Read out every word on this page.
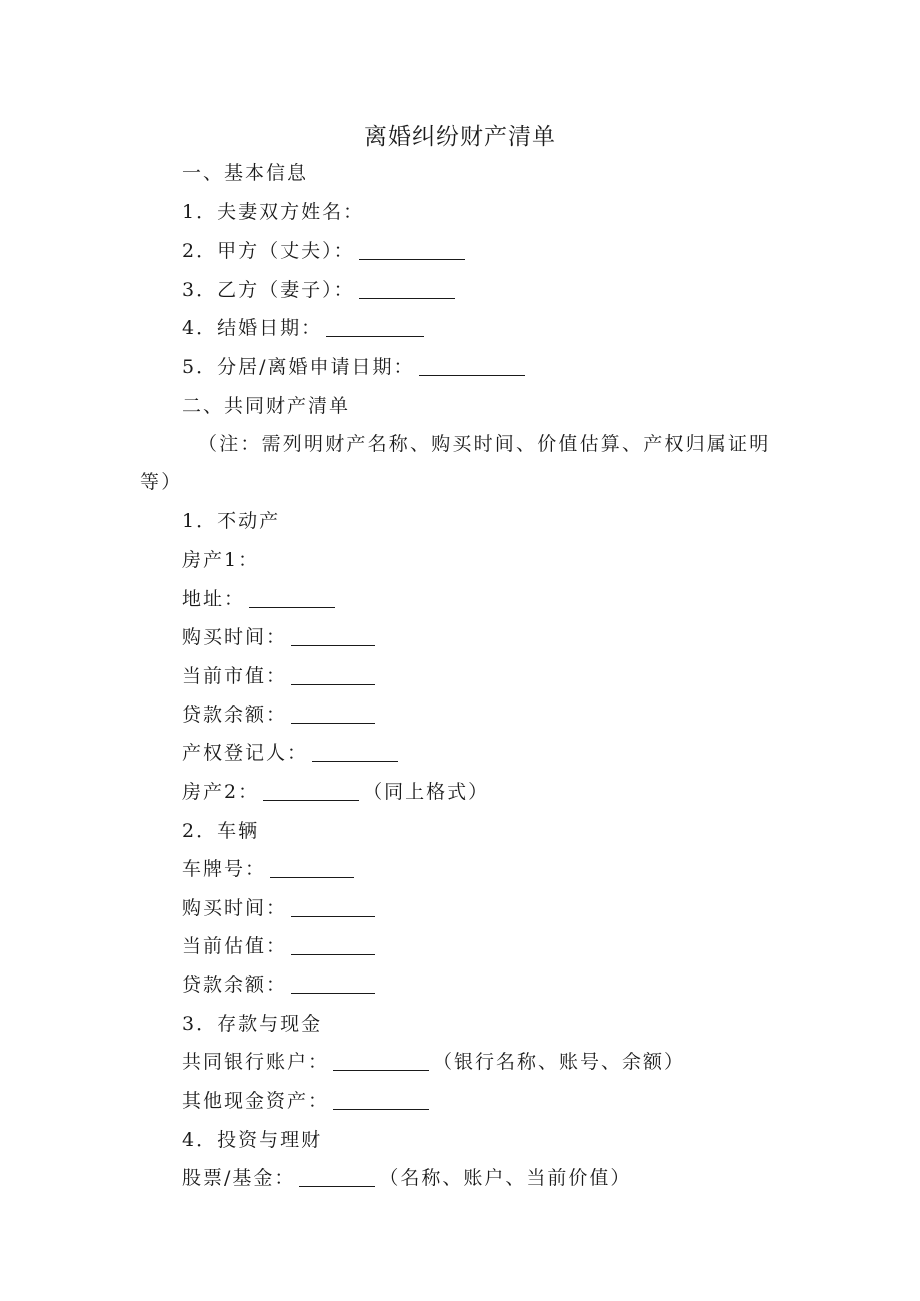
离婚纠纷财产清单
一、基本信息
1．夫妻双方姓名：
2．甲方（丈夫）：
3．乙方（妻子）：
4．结婚日期：
5．分居/离婚申请日期：
二、共同财产清单
（注：需列明财产名称、购买时间、价值估算、产权归属证明等）
1．不动产
房产1：
地址：
购买时间：
当前市值：
贷款余额：
产权登记人：
房产2：	（同上格式）
2．车辆
车牌号：
购买时间：
当前估值：
贷款余额：
3．存款与现金
共同银行账户：	（银行名称、账号、余额）
其他现金资产：
4．投资与理财
股票/基金：	（名称、账户、当前价值）
